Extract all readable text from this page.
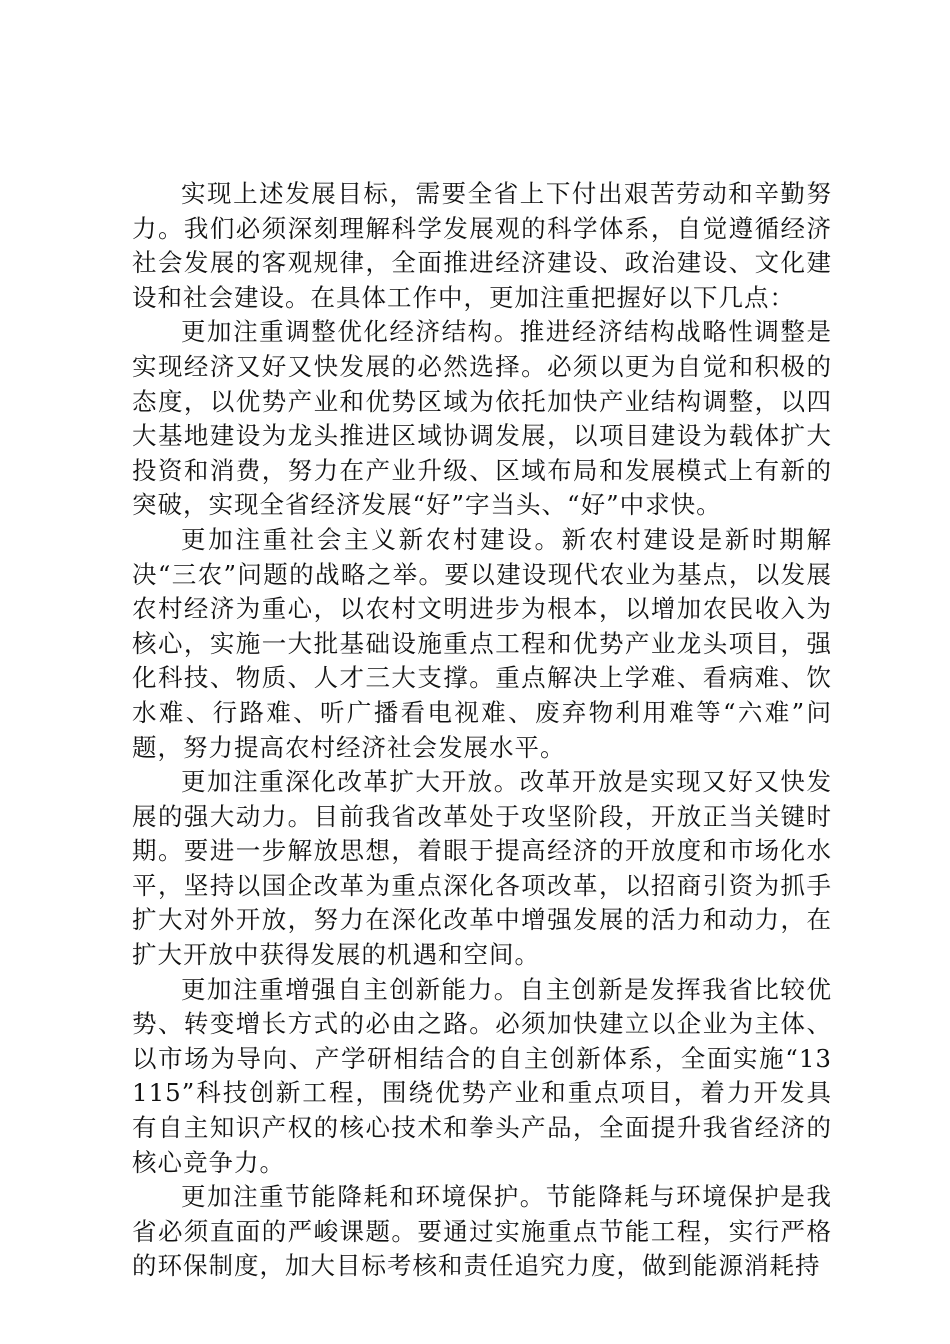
实现上述发展目标，需要全省上下付出艰苦劳动和辛勤努力。我们必须深刻理解科学发展观的科学体系，自觉遵循经济社会发展的客观规律，全面推进经济建设、政治建设、文化建设和社会建设。在具体工作中，更加注重把握好以下几点：

更加注重调整优化经济结构。推进经济结构战略性调整是实现经济又好又快发展的必然选择。必须以更为自觉和积极的态度，以优势产业和优势区域为依托加快产业结构调整，以四大基地建设为龙头推进区域协调发展，以项目建设为载体扩大投资和消费，努力在产业升级、区域布局和发展模式上有新的突破，实现全省经济发展“好”字当头、“好”中求快。

更加注重社会主义新农村建设。新农村建设是新时期解决“三农”问题的战略之举。要以建设现代农业为基点，以发展农村经济为重心，以农村文明进步为根本，以增加农民收入为核心，实施一大批基础设施重点工程和优势产业龙头项目，强化科技、物质、人才三大支撑。重点解决上学难、看病难、饮水难、行路难、听广播看电视难、废弃物利用难等“六难”问题，努力提高农村经济社会发展水平。

更加注重深化改革扩大开放。改革开放是实现又好又快发展的强大动力。目前我省改革处于攻坚阶段，开放正当关键时期。要进一步解放思想，着眼于提高经济的开放度和市场化水平，坚持以国企改革为重点深化各项改革，以招商引资为抓手扩大对外开放，努力在深化改革中增强发展的活力和动力，在扩大开放中获得发展的机遇和空间。

更加注重增强自主创新能力。自主创新是发挥我省比较优势、转变增长方式的必由之路。必须加快建立以企业为主体、以市场为导向、产学研相结合的自主创新体系，全面实施“13115”科技创新工程，围绕优势产业和重点项目，着力开发具有自主知识产权的核心技术和拳头产品，全面提升我省经济的核心竞争力。

更加注重节能降耗和环境保护。节能降耗与环境保护是我省必须直面的严峻课题。要通过实施重点节能工程，实行严格的环保制度，加大目标考核和责任追究力度，做到能源消耗持
